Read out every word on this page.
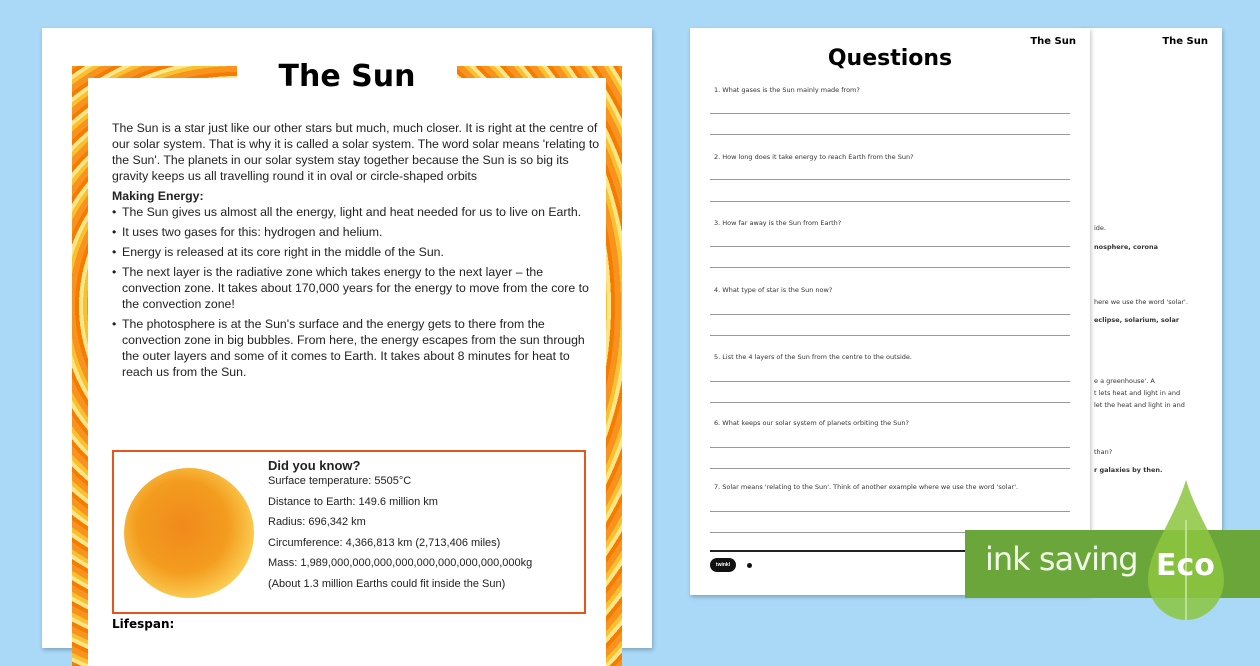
The Sun

The Sun is a star just like our other stars but much, much closer. It is right at the centre of our solar system. That is why it is called a solar system. The word solar means 'relating to the Sun'. The planets in our solar system stay together because the Sun is so big its gravity keeps us all travelling round it in oval or circle-shaped orbits

Making Energy:
• The Sun gives us almost all the energy, light and heat needed for us to live on Earth.
• It uses two gases for this: hydrogen and helium.
• Energy is released at its core right in the middle of the Sun.
• The next layer is the radiative zone which takes energy to the next layer – the convection zone. It takes about 170,000 years for the energy to move from the core to the convection zone!
• The photosphere is at the Sun's surface and the energy gets to there from the convection zone in big bubbles. From here, the energy escapes from the sun through the outer layers and some of it comes to Earth. It takes about 8 minutes for heat to reach us from the Sun.
Did you know?
Surface temperature: 5505°C
Distance to Earth: 149.6 million km
Radius: 696,342 km
Circumference: 4,366,813 km (2,713,406 miles)
Mass: 1,989,000,000,000,000,000,000,000,000,000kg
(About 1.3 million Earths could fit inside the Sun)
Lifespan:
The Sun
ide.
nosphere, corona
here we use the word 'solar'.
eclipse, solarium, solar
e a greenhouse'. A
t lets heat and light in and
let the heat and light in and
than?
r galaxies by then.
The Sun
Questions
1. What gases is the Sun mainly made from?
2. How long does it take energy to reach Earth from the Sun?
3. How far away is the Sun from Earth?
4. What type of star is the Sun now?
5. List the 4 layers of the Sun from the centre to the outside.
6. What keeps our solar system of planets orbiting the Sun?
7. Solar means 'relating to the Sun'. Think of another example where we use the word 'solar'.
twinkl	ink saving Eco
